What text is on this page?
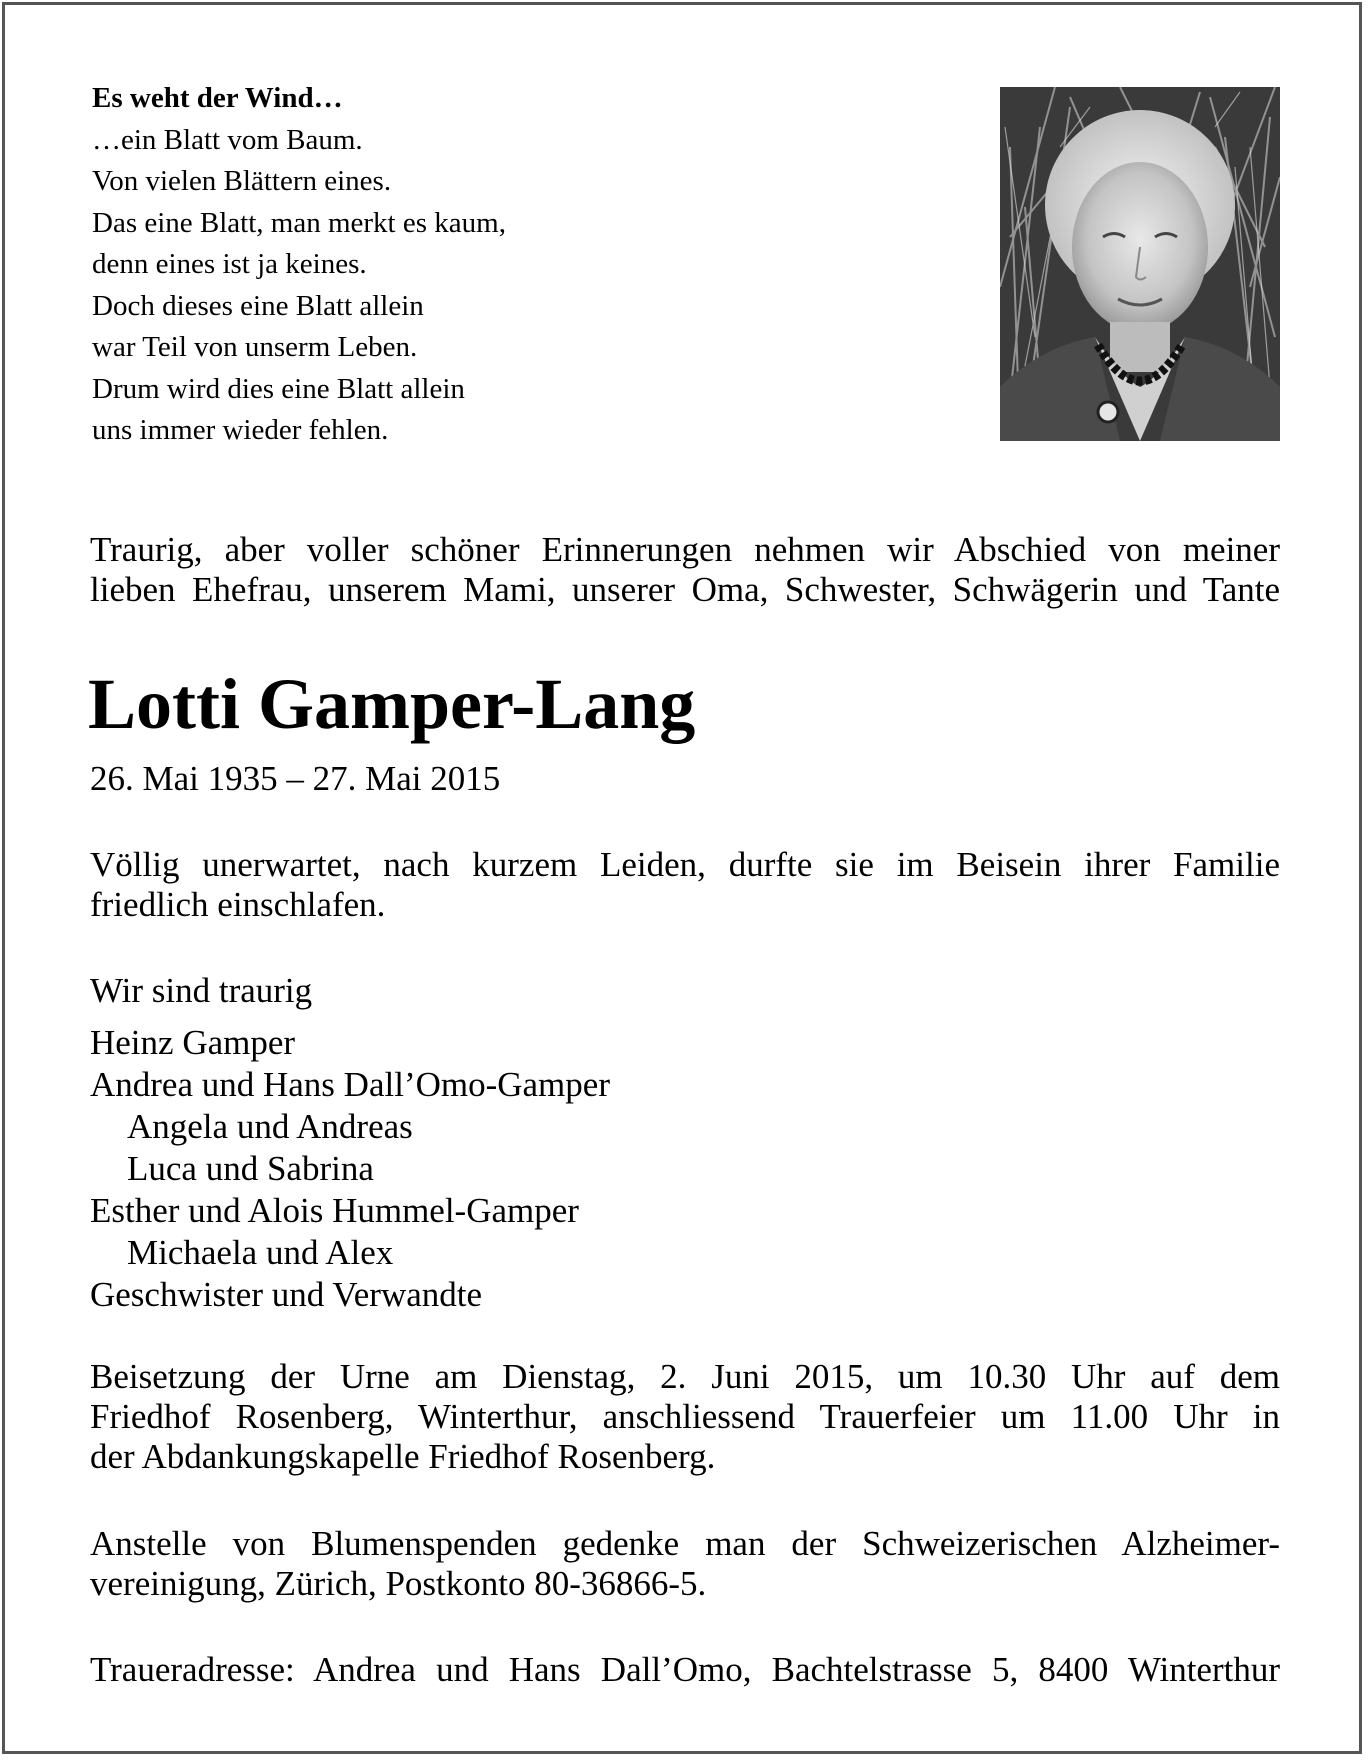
Es weht der Wind…
…ein Blatt vom Baum.
Von vielen Blättern eines.
Das eine Blatt, man merkt es kaum,
denn eines ist ja keines.
Doch dieses eine Blatt allein
war Teil von unserm Leben.
Drum wird dies eine Blatt allein
uns immer wieder fehlen.
Traurig, aber voller schöner Erinnerungen nehmen wir Abschied von meiner
lieben Ehefrau, unserem Mami, unserer Oma, Schwester, Schwägerin und Tante
Lotti Gamper-Lang
26. Mai 1935 – 27. Mai 2015
Völlig unerwartet, nach kurzem Leiden, durfte sie im Beisein ihrer Familie
friedlich einschlafen.
Wir sind traurig
Heinz Gamper
Andrea und Hans Dall’Omo-Gamper
Angela und Andreas
Luca und Sabrina
Esther und Alois Hummel-Gamper
Michaela und Alex
Geschwister und Verwandte
Beisetzung der Urne am Dienstag, 2. Juni 2015, um 10.30 Uhr auf dem
Friedhof Rosenberg, Winterthur, anschliessend Trauerfeier um 11.00 Uhr in
der Abdankungskapelle Friedhof Rosenberg.
Anstelle von Blumenspenden gedenke man der Schweizerischen Alzheimer-
vereinigung, Zürich, Postkonto 80-36866-5.
Traueradresse: Andrea und Hans Dall’Omo, Bachtelstrasse 5, 8400 Winterthur
